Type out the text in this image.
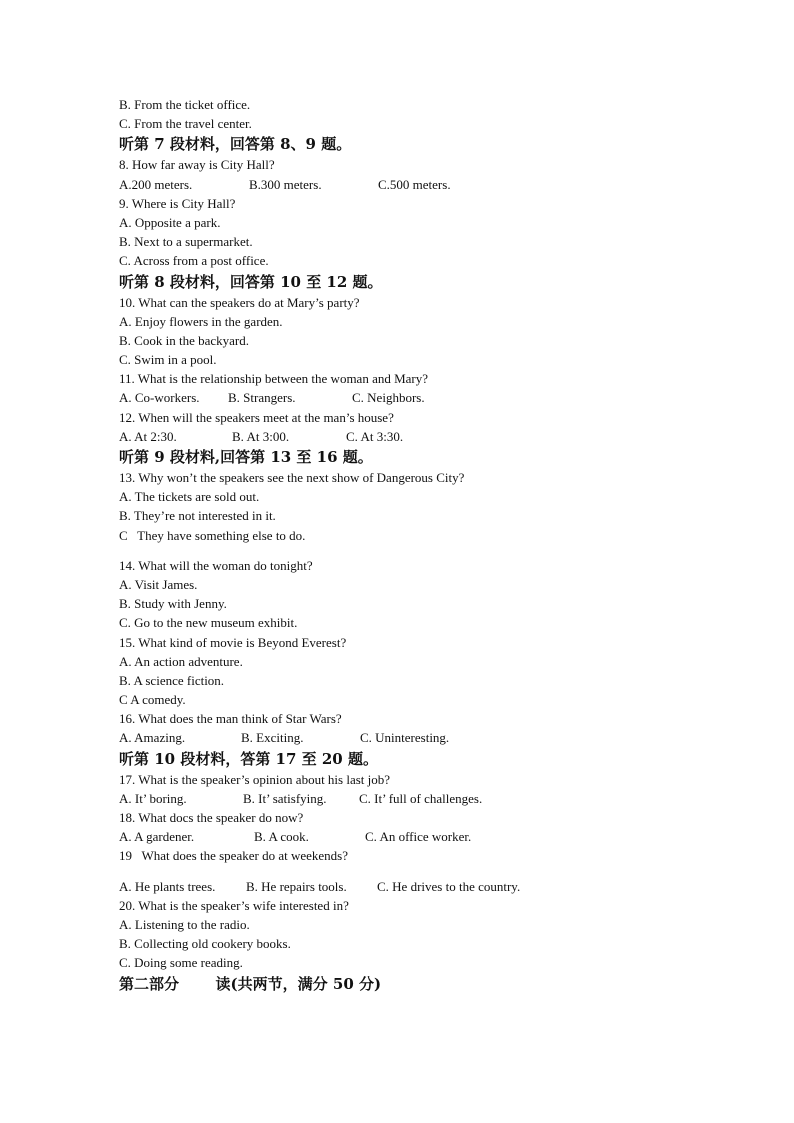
B. From the ticket office.
C. From the travel center.
听第 7 段材料，回答第 8、9 题。
8. How far away is City Hall?

A.200 meters.

	B.300 meters.

	C.500 meters.

9. Where is City Hall?
A. Opposite a park.
B. Next to a supermarket.
C. Across from a post office.
听第 8 段材料，回答第 10 至 12 题。
10. What can the speakers do at Mary’s party?
A. Enjoy flowers in the garden.
B. Cook in the backyard.
C. Swim in a pool.
11. What is the relationship between the woman and Mary?

A. Co-workers.

B. Strangers.

	C. Neighbors.

12. When will the speakers meet at the man’s house?

A. At 2:30.

	B. At 3:00.

	C. At 3:30.

听第 9 段材料,回答第 13 至 16 题。
13. Why won’t the speakers see the next show of Dangerous City?
A. The tickets are sold out.
B. They’re not interested in it.
C   They have something else to do.
14. What will the woman do tonight?
A. Visit James.
B. Study with Jenny.
C. Go to the new museum exhibit.
15. What kind of movie is Beyond Everest?
A. An action adventure.
B. A science fiction.
C A comedy.
16. What does the man think of Star Wars?

A. Amazing.

	B. Exciting.

	C. Uninteresting.

听第 10 段材料，答第 17 至 20 题。
17. What is the speaker’s opinion about his last job?

A. It’ boring.

	B. It’ satisfying.

C. It’ full of challenges.

18. What docs the speaker do now?

A. A gardener.

	B. A cook.

	C. An office worker.

19   What does the speaker do at weekends?

A. He plants trees.

B. He repairs tools.

C. He drives to the country.

20. What is the speaker’s wife interested in?
A. Listening to the radio.
B. Collecting old cookery books.
C. Doing some reading.
第二部分       读(共两节，满分 50 分)
